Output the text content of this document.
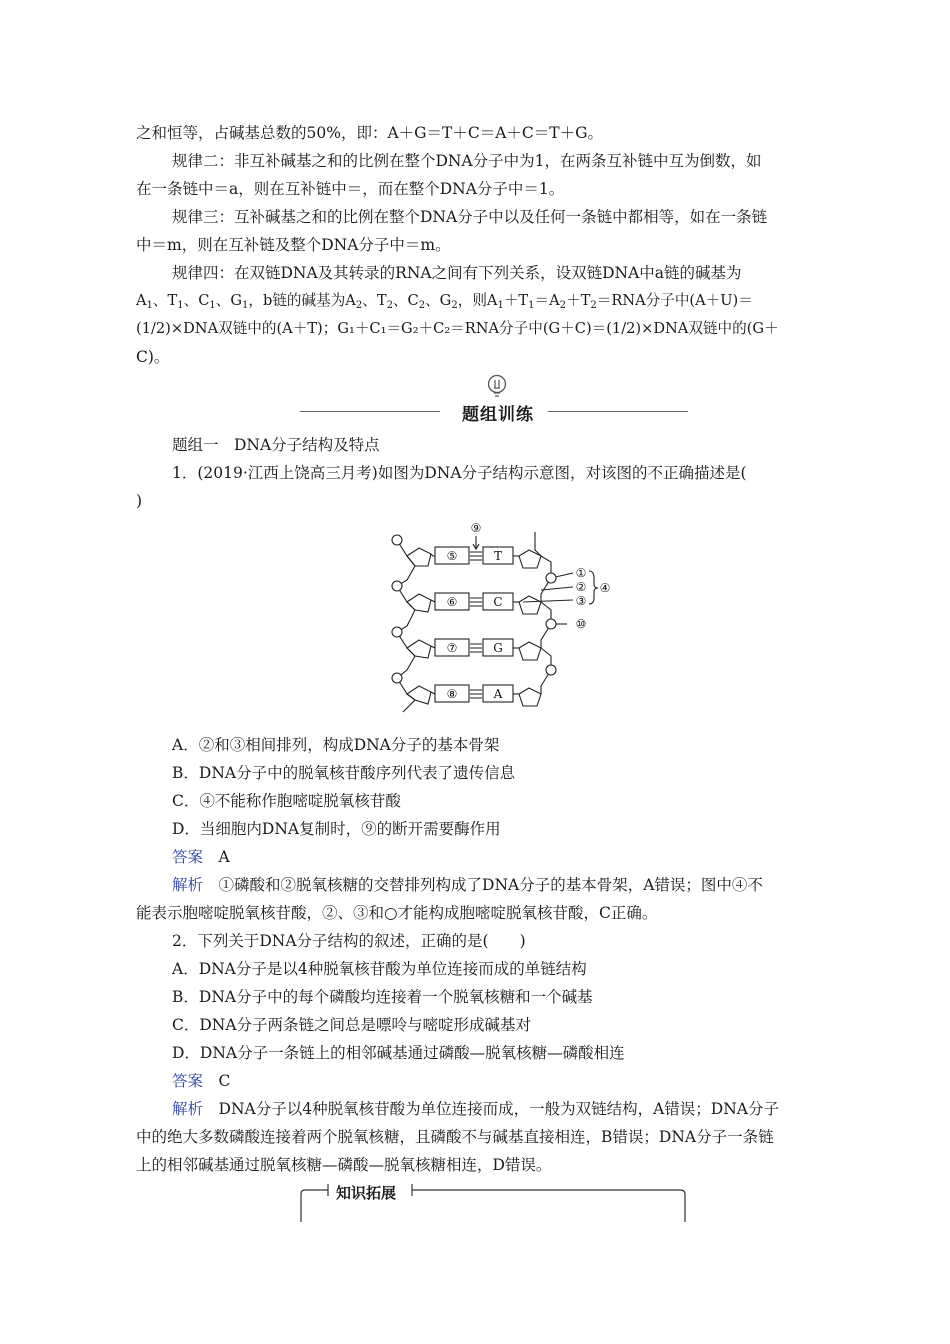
之和恒等，占碱基总数的50%，即：A＋G＝T＋C＝A＋C＝T＋G。
规律二：非互补碱基之和的比例在整个DNA分子中为1，在两条互补链中互为倒数，如
在一条链中＝a，则在互补链中＝，而在整个DNA分子中＝1。
规律三：互补碱基之和的比例在整个DNA分子中以及任何一条链中都相等，如在一条链
中＝m，则在互补链及整个DNA分子中＝m。
规律四：在双链DNA及其转录的RNA之间有下列关系，设双链DNA中a链的碱基为
$A_1$、$T_1$、$C_1$、$G_1$，b链的碱基为$A_2$、$T_2$、$C_2$、$G_2$，则$A_1+T_1=A_2+T_2=RNA$分子中(A＋U)＝
(1/2)×DNA双链中的(A＋T)；G₁＋C₁＝G₂＋C₂＝RNA分子中(G＋C)＝(1/2)×DNA双链中的(G＋
C)。
题组训练
题组一　DNA分子结构及特点
1．(2019·江西上饶高三月考)如图为DNA分子结构示意图，对该图的不正确描述是(
)
⑤
⑥
⑦
⑧
T
C
G
A
⑨
①
②
③
④
⑩
A．②和③相间排列，构成DNA分子的基本骨架
B．DNA分子中的脱氧核苷酸序列代表了遗传信息
C．④不能称作胞嘧啶脱氧核苷酸
D．当细胞内DNA复制时，⑨的断开需要酶作用
答案　 A
解析　 ①磷酸和②脱氧核糖的交替排列构成了DNA分子的基本骨架，A错误；图中④不
能表示胞嘧啶脱氧核苷酸，②、③和○才能构成胞嘧啶脱氧核苷酸，C正确。
2．下列关于DNA分子结构的叙述，正确的是(　　)
A．DNA分子是以4种脱氧核苷酸为单位连接而成的单链结构
B．DNA分子中的每个磷酸均连接着一个脱氧核糖和一个碱基
C．DNA分子两条链之间总是嘌呤与嘧啶形成碱基对
D．DNA分子一条链上的相邻碱基通过磷酸—脱氧核糖—磷酸相连
答案　 C
解析　 DNA分子以4种脱氧核苷酸为单位连接而成，一般为双链结构，A错误；DNA分子
中的绝大多数磷酸连接着两个脱氧核糖，且磷酸不与碱基直接相连，B错误；DNA分子一条链
上的相邻碱基通过脱氧核糖—磷酸—脱氧核糖相连，D错误。
知识拓展
